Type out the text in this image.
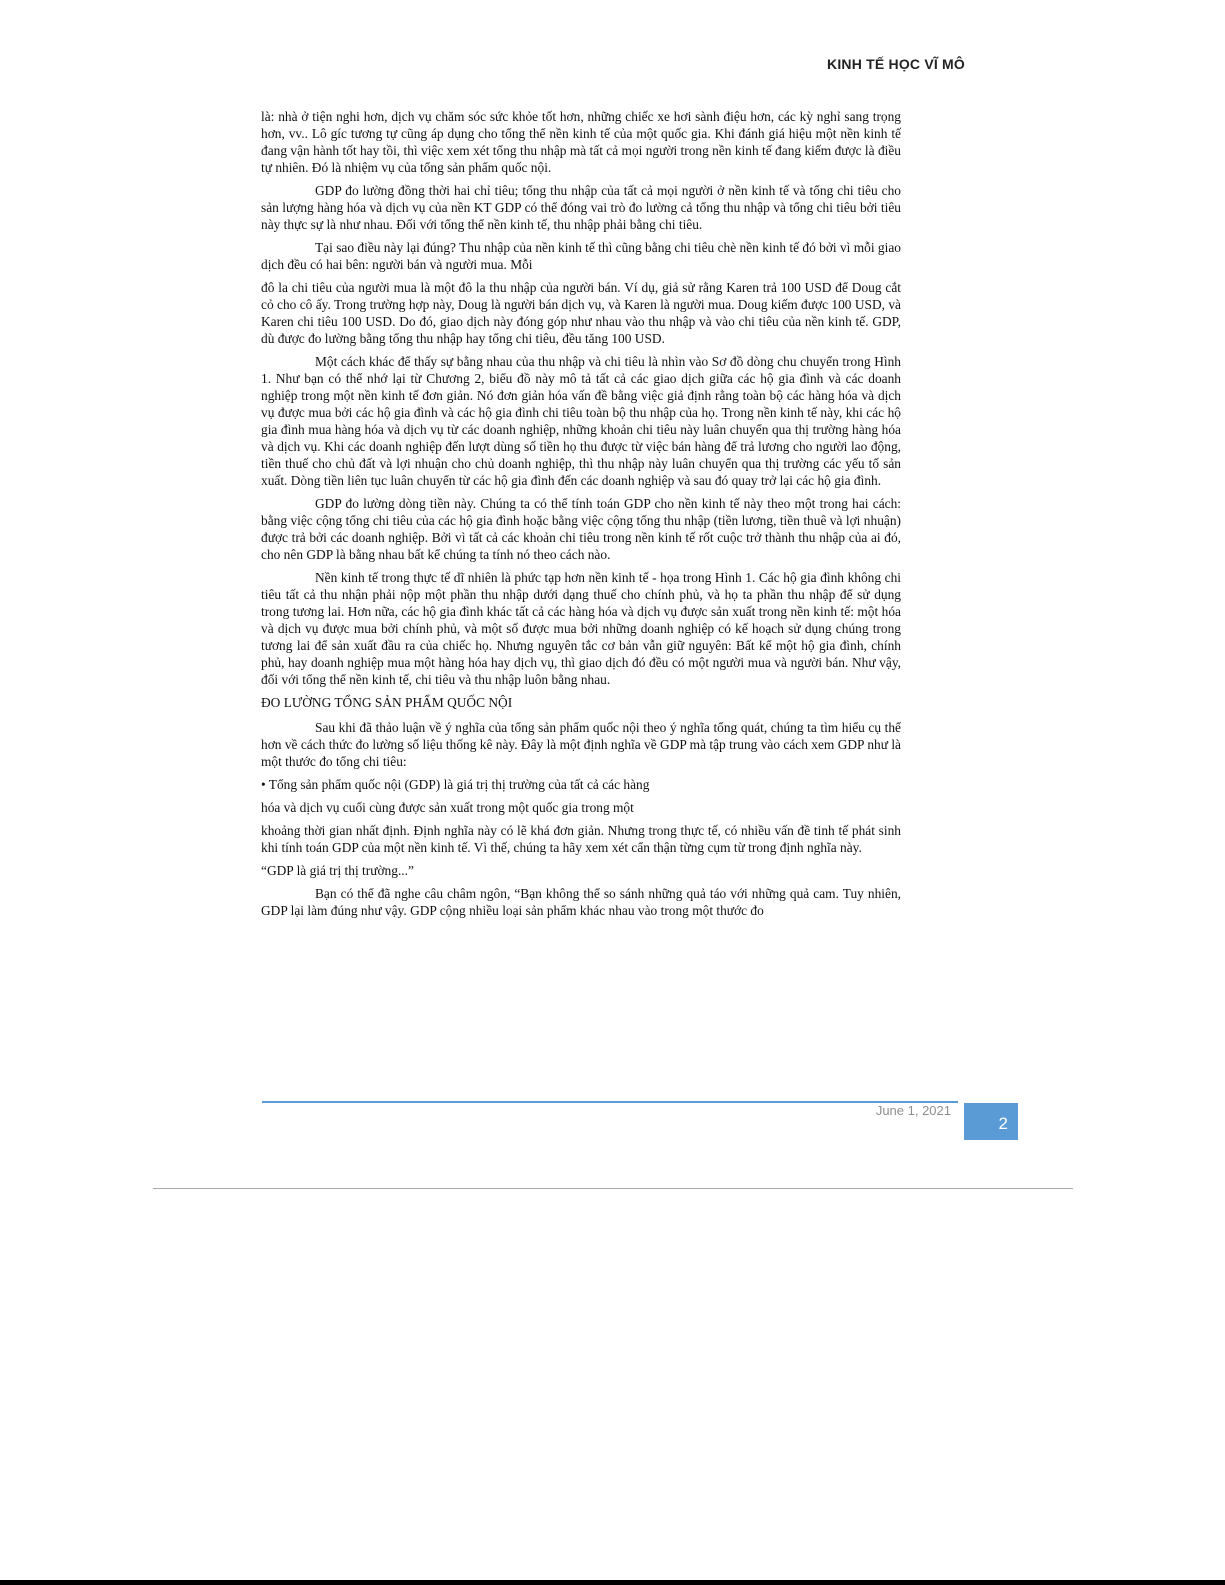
KINH TẾ HỌC VĨ MÔ

là: nhà ở tiện nghi hơn, dịch vụ chăm sóc sức khỏe tốt hơn, những chiếc xe hơi sành điệu hơn, các kỳ nghỉ sang trọng hơn, vv.. Lô gíc tương tự cũng áp dụng cho tổng thể nền kinh tế của một quốc gia. Khi đánh giá hiệu một nền kinh tế đang vận hành tốt hay tồi, thì việc xem xét tổng thu nhập mà tất cả mọi người trong nền kinh tế đang kiếm được là điều tự nhiên. Đó là nhiệm vụ của tổng sản phẩm quốc nội.

GDP đo lường đồng thời hai chỉ tiêu; tổng thu nhập của tất cả mọi người ở nền kinh tế và tổng chi tiêu cho sản lượng hàng hóa và dịch vụ của nền KT GDP có thể đóng vai trò đo lường cả tổng thu nhập và tổng chi tiêu bởi tiêu này thực sự là như nhau. Đối với tổng thể nền kinh tế, thu nhập phải bằng chi tiêu.

Tại sao điều này lại đúng? Thu nhập của nền kinh tế thì cũng bằng chi tiêu chè nền kinh tế đó bởi vì mỗi giao dịch đều có hai bên: người bán và người mua. Mỗi

đô la chi tiêu của người mua là một đô la thu nhập của người bán. Ví dụ, giả sử rằng Karen trả 100 USD để Doug cắt cỏ cho cô ấy. Trong trường hợp này, Doug là người bán dịch vụ, và Karen là người mua. Doug kiếm được 100 USD, và Karen chi tiêu 100 USD. Do đó, giao dịch này đóng góp như nhau vào thu nhập và vào chi tiêu của nền kinh tế. GDP, dù được đo lường bằng tổng thu nhập hay tổng chi tiêu, đều tăng 100 USD.

Một cách khác để thấy sự bằng nhau của thu nhập và chi tiêu là nhìn vào Sơ đồ dòng chu chuyển trong Hình 1. Như bạn có thể nhớ lại từ Chương 2, biểu đồ này mô tả tất cả các giao dịch giữa các hộ gia đình và các doanh nghiệp trong một nền kinh tế đơn giản. Nó đơn giản hóa vấn đề bằng việc giả định rằng toàn bộ các hàng hóa và dịch vụ được mua bởi các hộ gia đình và các hộ gia đình chi tiêu toàn bộ thu nhập của họ. Trong nền kinh tế này, khi các hộ gia đình mua hàng hóa và dịch vụ từ các doanh nghiệp, những khoản chi tiêu này luân chuyển qua thị trường hàng hóa và dịch vụ. Khi các doanh nghiệp đến lượt dùng số tiền họ thu được từ việc bán hàng để trả lương cho người lao động, tiền thuế cho chủ đất và lợi nhuận cho chủ doanh nghiệp, thì thu nhập này luân chuyển qua thị trường các yếu tố sản xuất. Dòng tiền liên tục luân chuyển từ các hộ gia đình đến các doanh nghiệp và sau đó quay trở lại các hộ gia đình.

GDP đo lường dòng tiền này. Chúng ta có thể tính toán GDP cho nền kinh tế này theo một trong hai cách: bằng việc cộng tổng chi tiêu của các hộ gia đình hoặc bằng việc cộng tổng thu nhập (tiền lương, tiền thuê và lợi nhuận) được trả bởi các doanh nghiệp. Bởi vì tất cả các khoản chi tiêu trong nền kinh tế rốt cuộc trở thành thu nhập của ai đó, cho nên GDP là bằng nhau bất kể chúng ta tính nó theo cách nào.

Nền kinh tế trong thực tế dĩ nhiên là phức tạp hơn nền kinh tế - họa trong Hình 1. Các hộ gia đình không chi tiêu tất cả thu nhận phải nộp một phần thu nhập dưới dạng thuế cho chính phủ, và họ ta phần thu nhập để sử dụng trong tương lai. Hơn nữa, các hộ gia đình khác tất cả các hàng hóa và dịch vụ được sản xuất trong nền kinh tế: một hóa và dịch vụ được mua bởi chính phủ, và một số được mua bởi những doanh nghiệp có kế hoạch sử dụng chúng trong tương lai để sản xuất đầu ra của chiếc họ. Nhưng nguyên tắc cơ bản vẫn giữ nguyên: Bất kể một hộ gia đình, chính phủ, hay doanh nghiệp mua một hàng hóa hay dịch vụ, thì giao dịch đó đều có một người mua và người bán. Như vậy, đối với tổng thể nền kinh tế, chi tiêu và thu nhập luôn bằng nhau.

ĐO LƯỜNG TỔNG SẢN PHẨM QUỐC NỘI

Sau khi đã thảo luận về ý nghĩa của tổng sản phẩm quốc nội theo ý nghĩa tổng quát, chúng ta tìm hiểu cụ thể hơn về cách thức đo lường số liệu thống kê này. Đây là một định nghĩa về GDP mà tập trung vào cách xem GDP như là một thước đo tổng chi tiêu:

• Tổng sản phẩm quốc nội (GDP) là giá trị thị trường của tất cả các hàng

hóa và dịch vụ cuối cùng được sản xuất trong một quốc gia trong một

khoảng thời gian nhất định. Định nghĩa này có lẽ khá đơn giản. Nhưng trong thực tế, có nhiều vấn đề tinh tế phát sinh khi tính toán GDP của một nền kinh tế. Vì thế, chúng ta hãy xem xét cẩn thận từng cụm từ trong định nghĩa này.

“GDP là giá trị thị trường...”

Bạn có thể đã nghe câu châm ngôn, “Bạn không thể so sánh những quả táo với những quả cam. Tuy nhiên, GDP lại làm đúng như vậy. GDP cộng nhiều loại sản phẩm khác nhau vào trong một thước đo

June 1, 2021
2
